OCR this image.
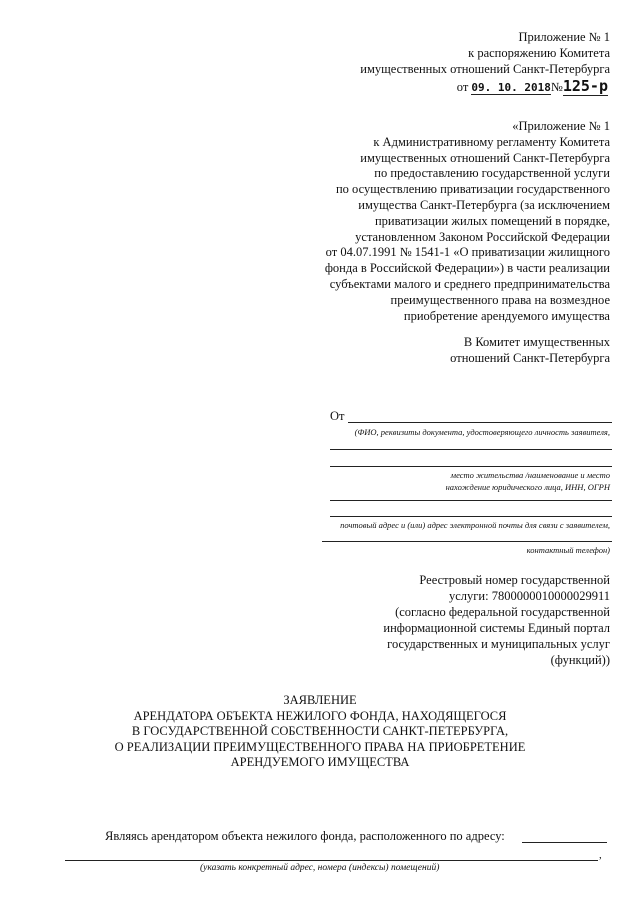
Приложение № 1
к распоряжению Комитета
имущественных отношений Санкт-Петербурга
от 09. 10. 2018№125-р
«Приложение № 1
к Административному регламенту Комитета
имущественных отношений Санкт-Петербурга
по предоставлению государственной услуги
по осуществлению приватизации государственного
имущества Санкт-Петербурга (за исключением
приватизации жилых помещений в порядке,
установленном Законом Российской Федерации
от 04.07.1991 № 1541-1 «О приватизации жилищного
фонда в Российской Федерации») в части реализации
субъектами малого и среднего предпринимательства
преимущественного права на возмездное
приобретение арендуемого имущества
В Комитет имущественных
отношений Санкт-Петербурга
От
(ФИО, реквизиты документа, удостоверяющего личность заявителя,
место жительства /наименование и место
нахождение юридического лица, ИНН, ОГРН
почтовый адрес и (или) адрес электронной почты для связи с заявителем,
контактный телефон)
Реестровый номер государственной
услуги: 7800000010000029911
(согласно федеральной государственной
информационной системы Единый портал
государственных и муниципальных услуг
(функций))
ЗАЯВЛЕНИЕ
АРЕНДАТОРА ОБЪЕКТА НЕЖИЛОГО ФОНДА, НАХОДЯЩЕГОСЯ
В ГОСУДАРСТВЕННОЙ СОБСТВЕННОСТИ САНКТ-ПЕТЕРБУРГА,
О РЕАЛИЗАЦИИ ПРЕИМУЩЕСТВЕННОГО ПРАВА НА ПРИОБРЕТЕНИЕ
АРЕНДУЕМОГО ИМУЩЕСТВА
Являясь арендатором объекта нежилого фонда, расположенного по адресу:
,
(указать конкретный адрес, номера (индексы) помещений)
